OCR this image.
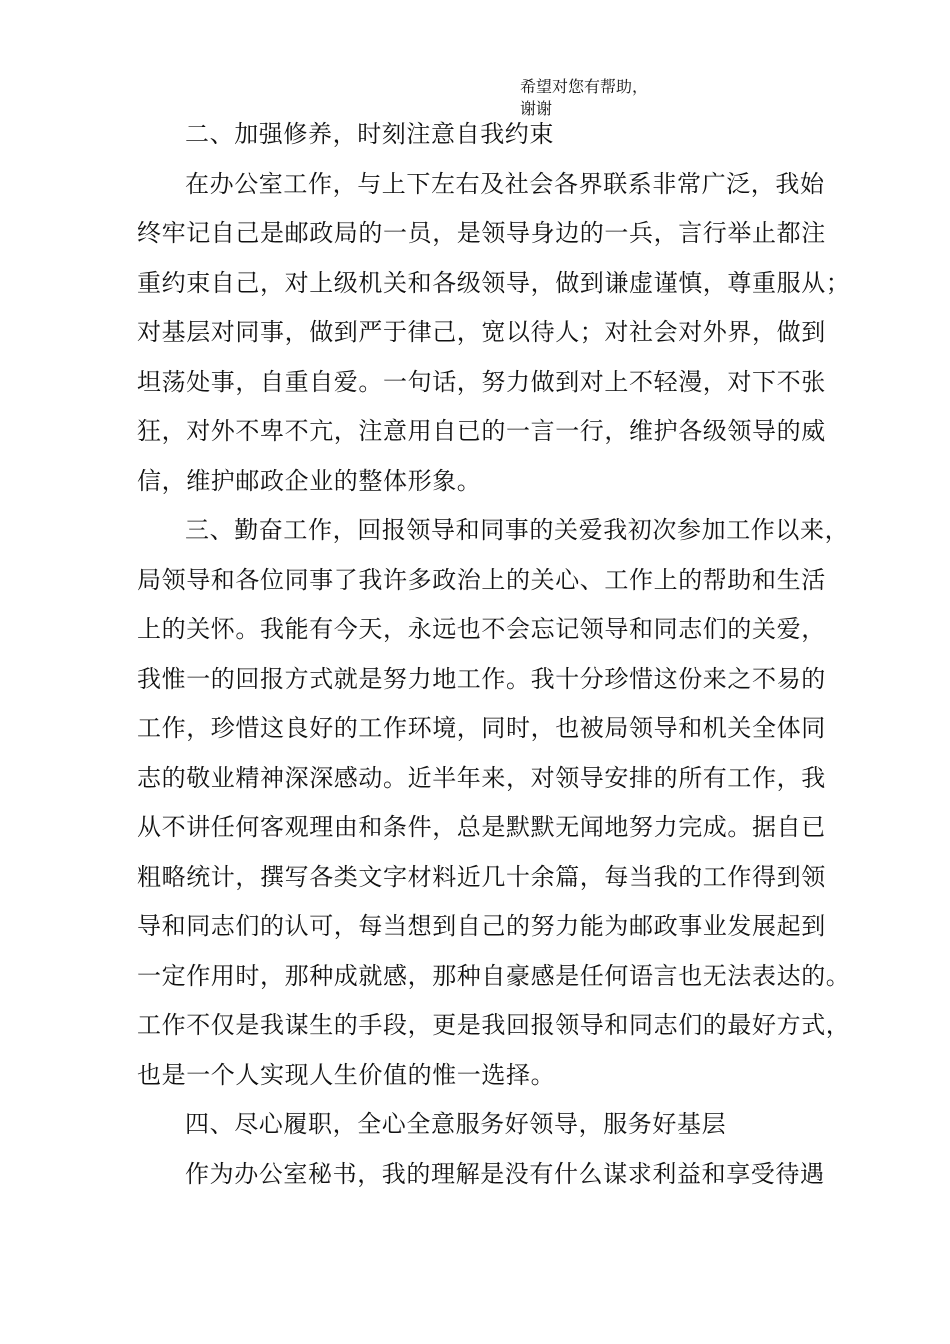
希望对您有帮助，
谢谢
二、加强修养，时刻注意自我约束
在办公室工作，与上下左右及社会各界联系非常广泛，我始
终牢记自己是邮政局的一员，是领导身边的一兵，言行举止都注
重约束自己，对上级机关和各级领导，做到谦虚谨慎，尊重服从；
对基层对同事，做到严于律己，宽以待人；对社会对外界，做到
坦荡处事，自重自爱。一句话，努力做到对上不轻漫，对下不张
狂，对外不卑不亢，注意用自已的一言一行，维护各级领导的威
信，维护邮政企业的整体形象。
三、勤奋工作，回报领导和同事的关爱我初次参加工作以来，
局领导和各位同事了我许多政治上的关心、工作上的帮助和生活
上的关怀。我能有今天，永远也不会忘记领导和同志们的关爱，
我惟一的回报方式就是努力地工作。我十分珍惜这份来之不易的
工作，珍惜这良好的工作环境，同时，也被局领导和机关全体同
志的敬业精神深深感动。近半年来，对领导安排的所有工作，我
从不讲任何客观理由和条件，总是默默无闻地努力完成。据自已
粗略统计，撰写各类文字材料近几十余篇，每当我的工作得到领
导和同志们的认可，每当想到自己的努力能为邮政事业发展起到
一定作用时，那种成就感，那种自豪感是任何语言也无法表达的。
工作不仅是我谋生的手段，更是我回报领导和同志们的最好方式，
也是一个人实现人生价值的惟一选择。
四、尽心履职，全心全意服务好领导，服务好基层
作为办公室秘书，我的理解是没有什么谋求利益和享受待遇
